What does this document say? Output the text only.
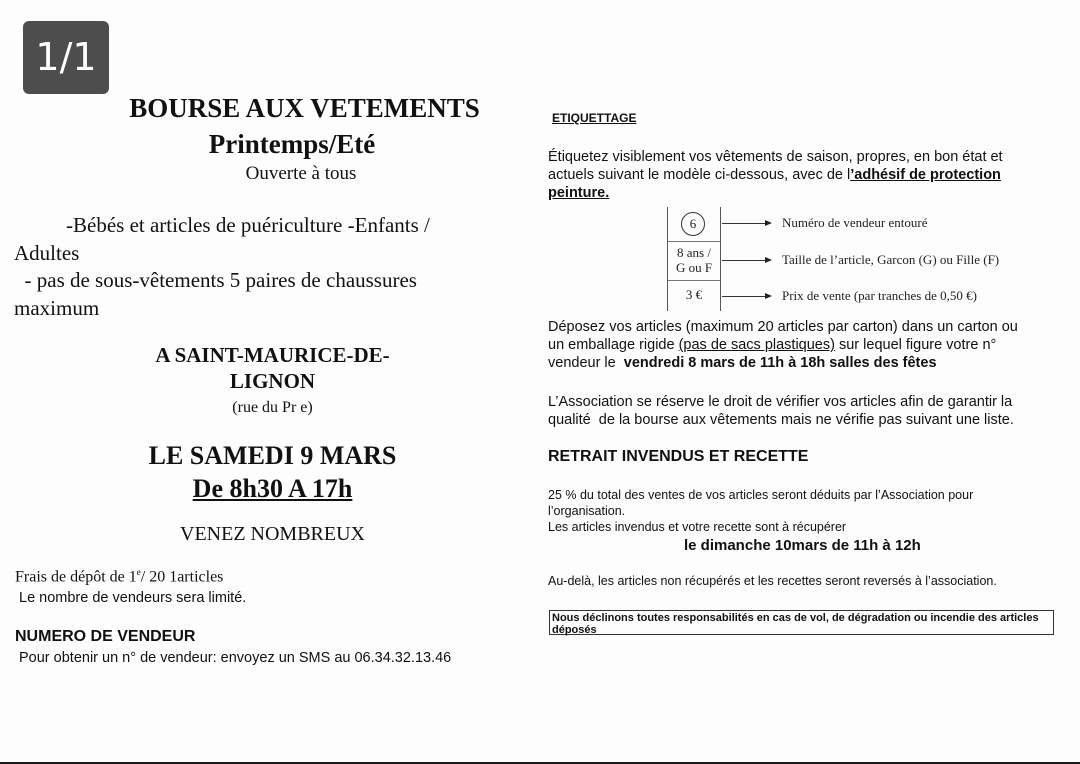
1/1
BOURSE AUX VETEMENTS
Printemps/Eté
Ouverte à tous
-Bébés et articles de puériculture -Enfants /
Adultes
- pas de sous-vêtements 5 paires de chaussures
maximum
A SAINT-MAURICE-DE-
LIGNON
(rue du Pr e)
LE SAMEDI 9 MARS
De 8h30 A 17h
VENEZ NOMBREUX
Frais de dépôt de 1e/ 20 1articles
Le nombre de vendeurs sera limité.
NUMERO DE VENDEUR
Pour obtenir un n° de vendeur: envoyez un SMS au 06.34.32.13.46
ETIQUETTAGE
Étiquetez visiblement vos vêtements de saison, propres, en bon état et
actuels suivant le modèle ci-dessous, avec de l’adhésif de protection
peinture.
6
8 ans /
G ou F
3 €
Numéro de vendeur entouré
Taille de l’article, Garcon (G) ou Fille (F)
Prix de vente (par tranches de 0,50 €)
Déposez vos articles (maximum 20 articles par carton) dans un carton ou
un emballage rigide (pas de sacs plastiques) sur lequel figure votre n°
vendeur le  vendredi 8 mars de 11h à 18h salles des fêtes
L’Association se réserve le droit de vérifier vos articles afin de garantir la
qualité  de la bourse aux vêtements mais ne vérifie pas suivant une liste.
RETRAIT INVENDUS ET RECETTE
25 % du total des ventes de vos articles seront déduits par l’Association pour
l’organisation.
Les articles invendus et votre recette sont à récupérer
le dimanche 10mars de 11h à 12h
Au-delà, les articles non récupérés et les recettes seront reversés à l’association.
Nous déclinons toutes responsabilités en cas de vol, de dégradation ou incendie des articles déposés
